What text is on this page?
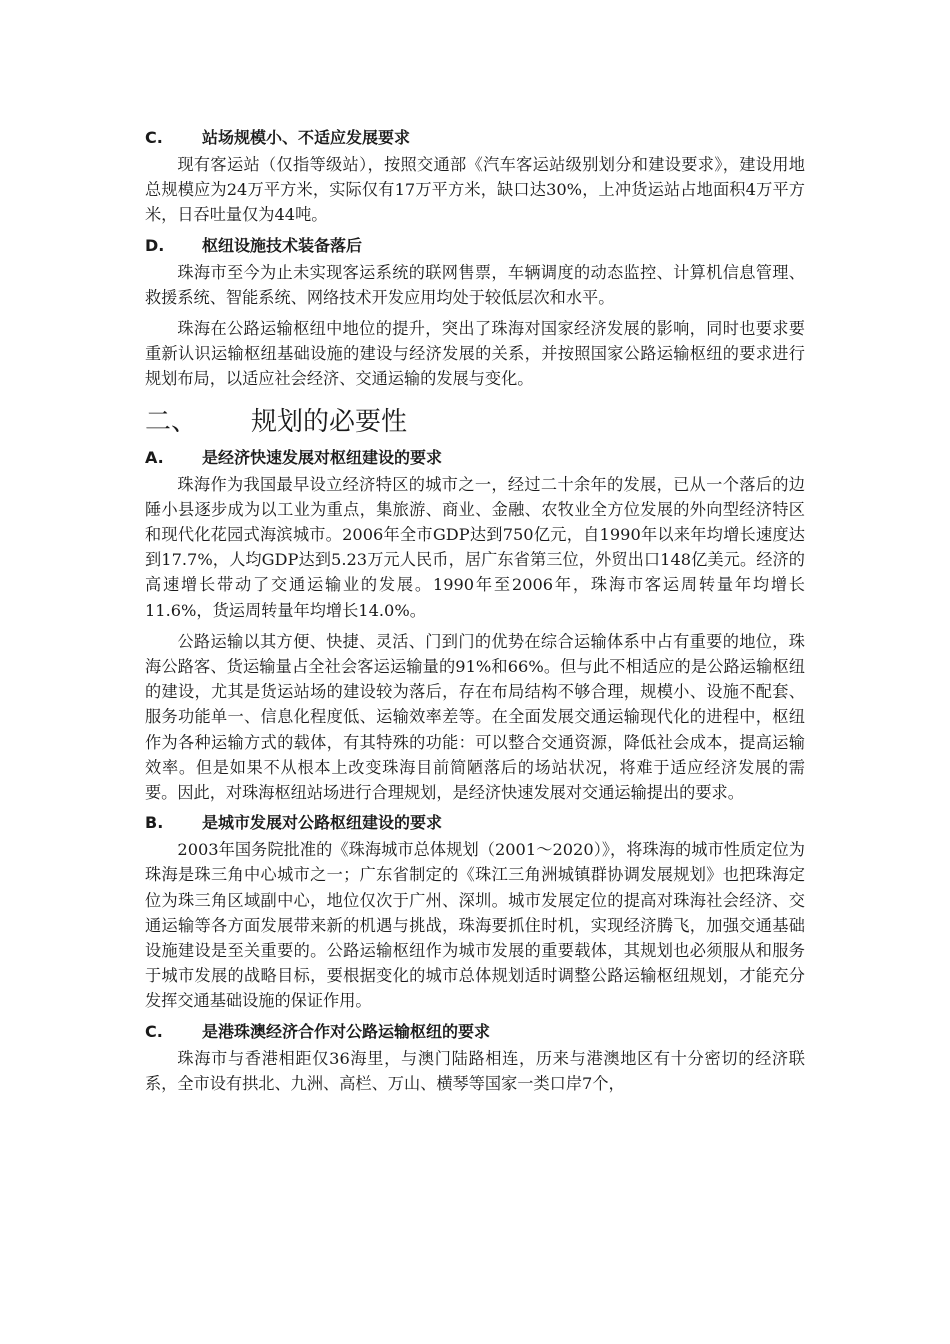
C.	站场规模小、不适应发展要求

现有客运站（仅指等级站），按照交通部《汽车客运站级别划分和建设要求》，建设用地总规模应为24万平方米，实际仅有17万平方米，缺口达30%，上冲货运站占地面积4万平方米，日吞吐量仅为44吨。

D.	枢纽设施技术装备落后

珠海市至今为止未实现客运系统的联网售票，车辆调度的动态监控、计算机信息管理、救援系统、智能系统、网络技术开发应用均处于较低层次和水平。

珠海在公路运输枢纽中地位的提升，突出了珠海对国家经济发展的影响，同时也要求要重新认识运输枢纽基础设施的建设与经济发展的关系，并按照国家公路运输枢纽的要求进行规划布局，以适应社会经济、交通运输的发展与变化。

二、	规划的必要性
A.	是经济快速发展对枢纽建设的要求

珠海作为我国最早设立经济特区的城市之一，经过二十余年的发展，已从一个落后的边陲小县逐步成为以工业为重点，集旅游、商业、金融、农牧业全方位发展的外向型经济特区和现代化花园式海滨城市。2006年全市GDP达到750亿元，自1990年以来年均增长速度达到17.7%，人均GDP达到5.23万元人民币，居广东省第三位，外贸出口148亿美元。经济的高速增长带动了交通运输业的发展。1990年至2006年，珠海市客运周转量年均增长11.6%，货运周转量年均增长14.0%。

公路运输以其方便、快捷、灵活、门到门的优势在综合运输体系中占有重要的地位，珠海公路客、货运输量占全社会客运运输量的91%和66%。但与此不相适应的是公路运输枢纽的建设，尤其是货运站场的建设较为落后，存在布局结构不够合理，规模小、设施不配套、服务功能单一、信息化程度低、运输效率差等。在全面发展交通运输现代化的进程中，枢纽作为各种运输方式的载体，有其特殊的功能：可以整合交通资源，降低社会成本，提高运输效率。但是如果不从根本上改变珠海目前简陋落后的场站状况，将难于适应经济发展的需要。因此，对珠海枢纽站场进行合理规划，是经济快速发展对交通运输提出的要求。

B.	是城市发展对公路枢纽建设的要求

2003年国务院批准的《珠海城市总体规划（2001～2020）》，将珠海的城市性质定位为珠海是珠三角中心城市之一；广东省制定的《珠江三角洲城镇群协调发展规划》也把珠海定位为珠三角区域副中心，地位仅次于广州、深圳。城市发展定位的提高对珠海社会经济、交通运输等各方面发展带来新的机遇与挑战，珠海要抓住时机，实现经济腾飞，加强交通基础设施建设是至关重要的。公路运输枢纽作为城市发展的重要载体，其规划也必须服从和服务于城市发展的战略目标，要根据变化的城市总体规划适时调整公路运输枢纽规划，才能充分发挥交通基础设施的保证作用。

C.	是港珠澳经济合作对公路运输枢纽的要求

珠海市与香港相距仅36海里，与澳门陆路相连，历来与港澳地区有十分密切的经济联系，全市设有拱北、九洲、高栏、万山、横琴等国家一类口岸7个，
